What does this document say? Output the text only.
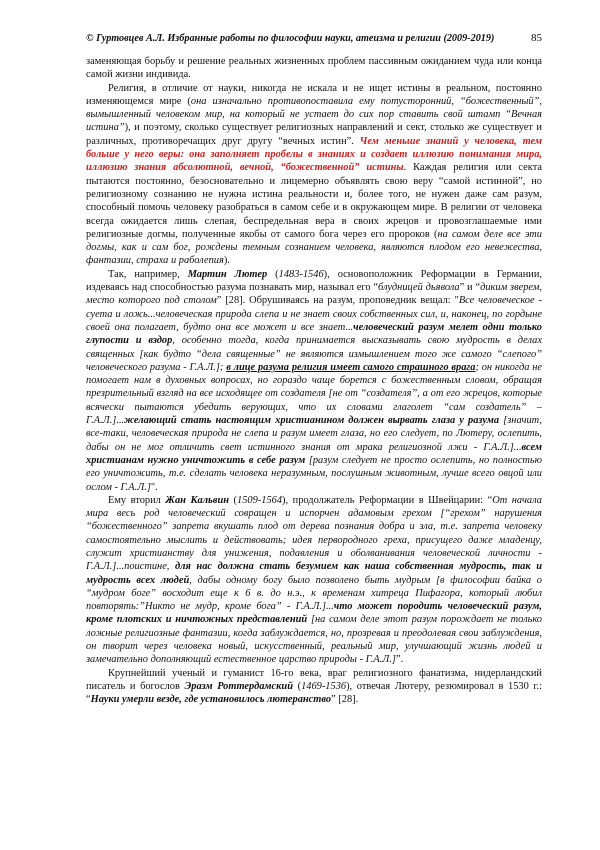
© Гуртовцев А.Л. Избранные работы по философии науки, атеизма и религии (2009-2019)	85

заменяющая борьбу и решение реальных жизненных проблем пассивным ожиданием чуда или конца самой жизни индивида.

Религия, в отличие от науки, никогда не искала и не ищет истины в реальном, постоянно изменяющемся мире (она изначально противопоставила ему потусторонний, “божественный”, вымышленный человеком мир, на который не устает до сих пор ставить свой штамп “Вечная истина”), и поэтому, сколько существует религиозных направлений и сект, столько же существует и различных, противоречащих друг другу “вечных истин”. Чем меньше знаний у человека, тем больше у него веры: она заполняет пробелы в знаниях и создает иллюзию понимания мира, иллюзию знания абсолютной, вечной, “божественной” истины. Каждая религия или секта пытаются постоянно, безосновательно и лицемерно объявлять свою веру “самой истинной”, но религиозному сознанию не нужна истина реальности и, более того, не нужен даже сам разум, способный помочь человеку разобраться в самом себе и в окружающем мире. В религии от человека всегда ожидается лишь слепая, беспредельная вера в своих жрецов и провозглашаемые ими религиозные догмы, полученные якобы от самого бога через его пророков (на самом деле все эти догмы, как и сам бог, рождены темным сознанием человека, являются плодом его невежества, фантазии, страха и раболепия).

Так, например, Мартин Лютер (1483-1546), основоположник Реформации в Германии, издеваясь над способностью разума познавать мир, называл его “блудницей дьявола” и “диким зверем, место которого под столом” [28]. Обрушиваясь на разум, проповедник вещал: "Все человеческое - суета и ложь...человеческая природа слепа и не знает своих собственных сил, и, наконец, по гордыне своей она полагает, будто она все может и все знает...человеческий разум мелет одни только глупости и вздор, особенно тогда, когда принимается высказывать свою мудрость в делах священных [как будто “дела священные” не являются измышлением того же самого “слепого” человеческого разума - Г.А.Л.]; в лице разума религия имеет самого страшного врага; он никогда не помогает нам в духовных вопросах, но гораздо чаще борется с божественным словом, обращая презрительный взгляд на все исходящее от создателя [не от “создателя”, а от его жрецов, которые всячески пытаются убедить верующих, что их словами глаголет “сам создатель” – Г.А.Л.]...желающий стать настоящим христианином должен вырвать глаза у разума [значит, все-таки, человеческая природа не слепа и разум имеет глаза, но его следует, по Лютеру, ослепить, дабы он не мог отличить свет истинного знания от мрака религиозной лжи - Г.А.Л.]...всем христианам нужно уничтожить в себе разум [разум следует не просто ослепить, но полностью его уничтожить, т.е. сделать человека неразумным, послушным животным, лучше всего овцой или ослом - Г.А.Л.]".

Ему вторил Жан Кальвин (1509-1564), продолжатель Реформации в Швейцарии: “От начала мира весь род человеческий совращен и испорчен адамовым грехом [“грехом” нарушения “божественного” запрета вкушать плод от дерева познания добра и зла, т.е. запрета человеку самостоятельно мыслить и действовать; идея первородного греха, присущего даже младенцу, служит христианству для унижения, подавления и оболванивания человеческой личности - Г.А.Л.]...поистине, для нас должна стать безумием как наша собственная мудрость, так и мудрость всех людей, дабы одному богу было позволено быть мудрым [в философии байка о “мудром боге” восходит еще к 6 в. до н.э., к временам хитреца Пифагора, который любил повторять:”Никто не мудр, кроме бога” - Г.А.Л.]...что может породить человеческий разум, кроме плотских и ничтожных представлений [на самом деле этот разум порождает не только ложные религиозные фантазии, когда заблуждается, но, прозревая и преодолевая свои заблуждения, он творит через человека новый, искусственный, реальный мир, улучшающий жизнь людей и замечательно дополняющий естественное царство природы - Г.А.Л.]”.

Крупнейший ученый и гуманист 16-го века, враг религиозного фанатизма, нидерландский писатель и богослов Эразм Роттердамский (1469-1536), отвечая Лютеру, резюмировал в 1530 г.: “Науки умерли везде, где установилось лютеранство” [28].
